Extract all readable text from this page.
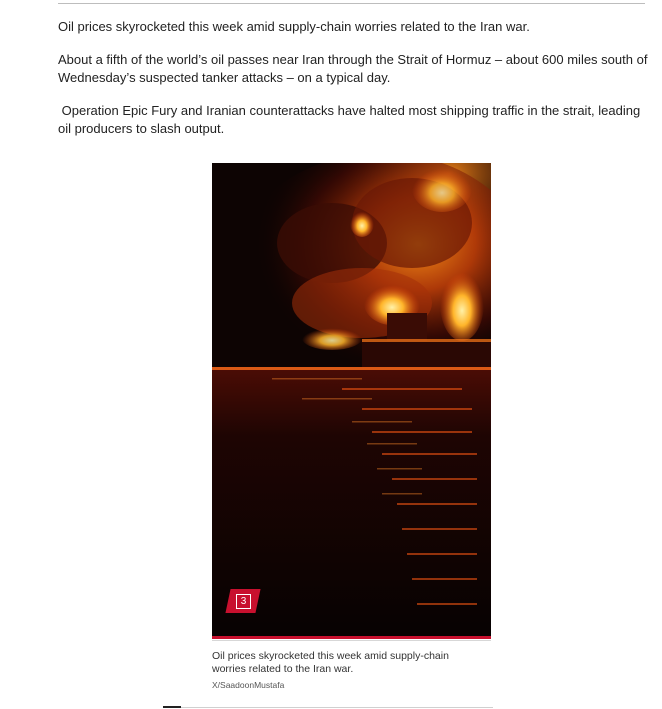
Oil prices skyrocketed this week amid supply-chain worries related to the Iran war.

About a fifth of the world’s oil passes near Iran through the Strait of Hormuz – about 600 miles south of Wednesday’s suspected tanker attacks – on a typical day.

Operation Epic Fury and Iranian counterattacks have halted most shipping traffic in the strait, leading oil producers to slash output.

Oil prices skyrocketed this week amid supply-chain worries related to the Iran war.
X/SaadoonMustafa
3
